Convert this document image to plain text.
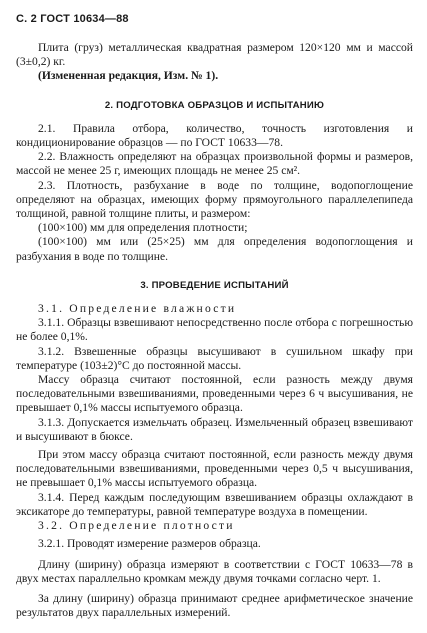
С. 2 ГОСТ 10634—88

Плита (груз) металлическая квадратная размером 120×120 мм и массой (3±0,2) кг.

(Измененная редакция, Изм. № 1).

2. ПОДГОТОВКА ОБРАЗЦОВ И ИСПЫТАНИЮ

2.1. Правила отбора, количество, точность изготовления и кондиционирование образцов — по ГОСТ 10633—78.

2.2. Влажность определяют на образцах произвольной формы и размеров, массой не менее 25 г, имеющих площадь не менее 25 см².

2.3. Плотность, разбухание в воде по толщине, водопоглощение определяют на образцах, имеющих форму прямоугольного параллелепипеда толщиной, равной толщине плиты, и размером:

(100×100) мм для определения плотности;

(100×100) мм или (25×25) мм для определения водопоглощения и разбухания в воде по толщине.

3. ПРОВЕДЕНИЕ ИСПЫТАНИЙ

3.1. Определение влажности

3.1.1. Образцы взвешивают непосредственно после отбора с погрешностью не более 0,1%.

3.1.2. Взвешенные образцы высушивают в сушильном шкафу при температуре (103±2)°С до постоянной массы.

Массу образца считают постоянной, если разность между двумя последовательными взвешиваниями, проведенными через 6 ч высушивания, не превышает 0,1% массы испытуемого образца.

3.1.3. Допускается измельчать образец. Измельченный образец взвешивают и высушивают в бюксе.

При этом массу образца считают постоянной, если разность между двумя последовательными взвешиваниями, проведенными через 0,5 ч высушивания, не превышает 0,1% массы испытуемого образца.

3.1.4. Перед каждым последующим взвешиванием образцы охлаждают в эксикаторе до температуры, равной температуре воздуха в помещении.

3.2. Определение плотности

3.2.1. Проводят измерение размеров образца.

Длину (ширину) образца измеряют в соответствии с ГОСТ 10633—78 в двух местах параллельно кромкам между двумя точками согласно черт. 1.

За длину (ширину) образца принимают среднее арифметическое значение результатов двух параллельных измерений.
